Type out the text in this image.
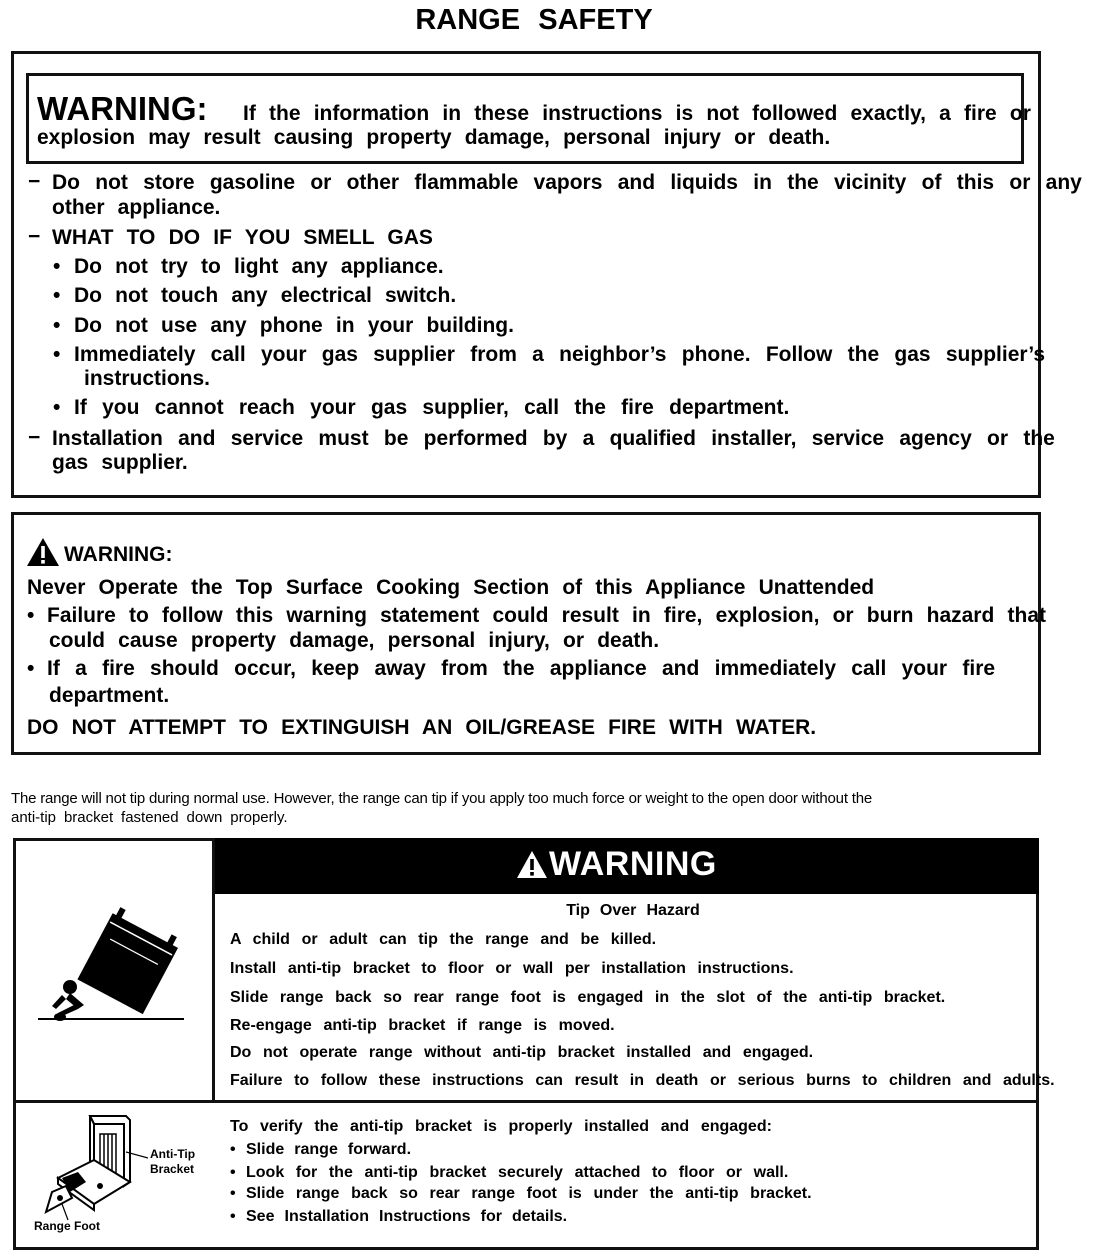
RANGE SAFETY
WARNING: If the information in these instructions is not followed exactly, a fire or
explosion may result causing property damage, personal injury or death.
− Do not store gasoline or other flammable vapors and liquids in the vicinity of this or any
other appliance.
− WHAT TO DO IF YOU SMELL GAS
• Do not try to light any appliance.
• Do not touch any electrical switch.
• Do not use any phone in your building.
• Immediately call your gas supplier from a neighbor’s phone. Follow the gas supplier’s
instructions.
• If you cannot reach your gas supplier, call the fire department.
− Installation and service must be performed by a qualified installer, service agency or the
gas supplier.
WARNING:
Never Operate the Top Surface Cooking Section of this Appliance Unattended
• Failure to follow this warning statement could result in fire, explosion, or burn hazard that
could cause property damage, personal injury, or death.
• If a fire should occur, keep away from the appliance and immediately call your fire
department.
DO NOT ATTEMPT TO EXTINGUISH AN OIL/GREASE FIRE WITH WATER.
The range will not tip during normal use. However, the range can tip if you apply too much force or weight to the open door without the
anti-tip bracket fastened down properly.
WARNING
Tip Over Hazard
A child or adult can tip the range and be killed.
Install anti-tip bracket to floor or wall per installation instructions.
Slide range back so rear range foot is engaged in the slot of the anti-tip bracket.
Re-engage anti-tip bracket if range is moved.
Do not operate range without anti-tip bracket installed and engaged.
Failure to follow these instructions can result in death or serious burns to children and adults.
Anti-Tip
Bracket
Range Foot
To verify the anti-tip bracket is properly installed and engaged:
• Slide range forward.
• Look for the anti-tip bracket securely attached to floor or wall.
• Slide range back so rear range foot is under the anti-tip bracket.
• See Installation Instructions for details.
